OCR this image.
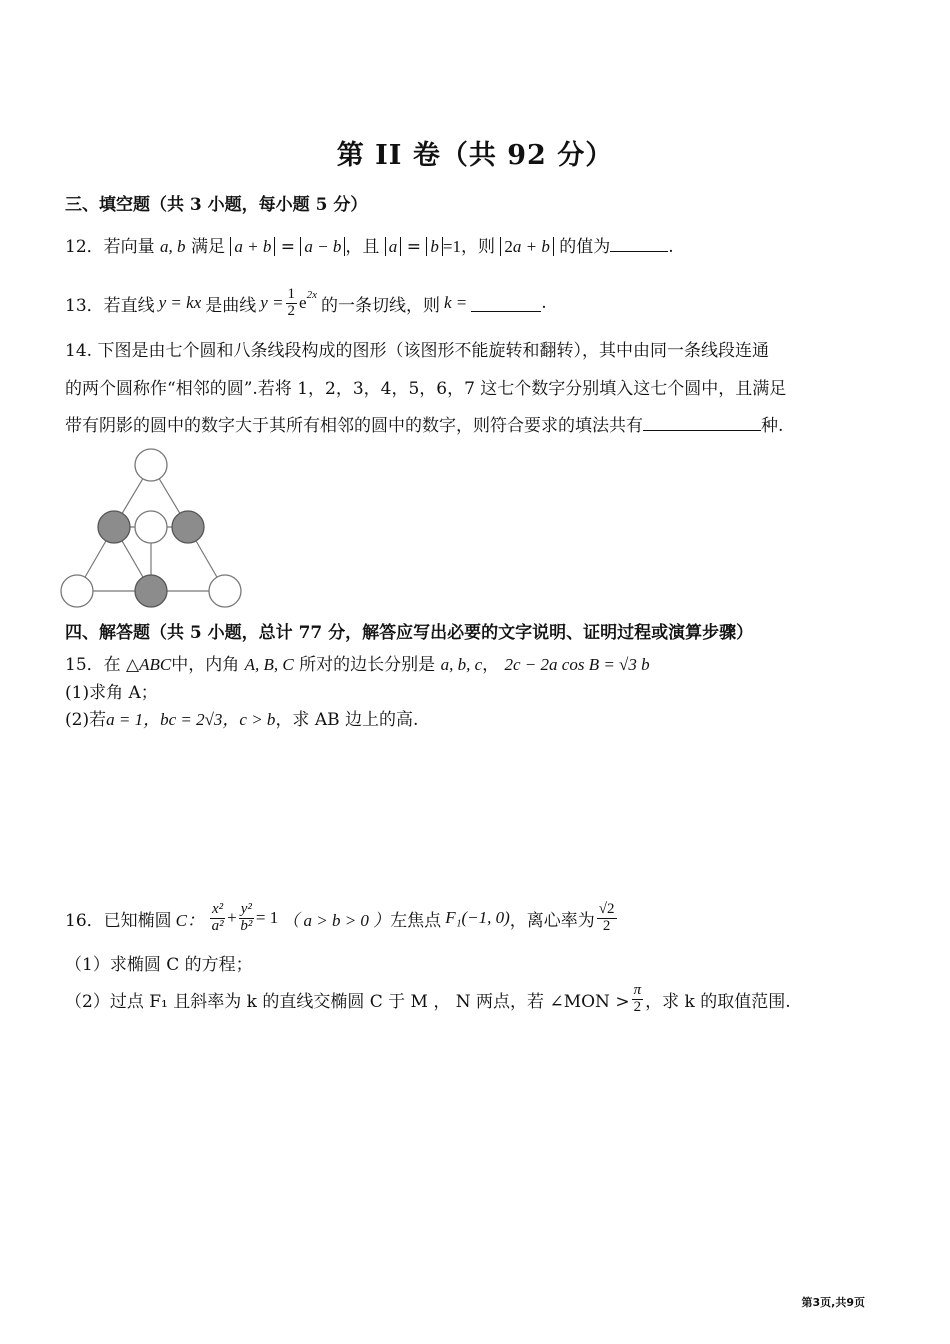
第 II 卷（共 92 分）
三、填空题（共 3 小题，每小题 5 分）
12．若向量 a, b 满足 a + b = a − b ，且 a = b =1，则 2a + b 的值为	.
13． 若直线 y = kx 是曲线 $y = \frac{1}{2} e^{2x}$
的一条切线，则 k =	.
14. 下图是由七个圆和八条线段构成的图形（该图形不能旋转和翻转），其中由同一条线段连通
的两个圆称作“相邻的圆”.若将 1，2，3，4，5，6，7 这七个数字分别填入这七个圆中，且满足
带有阴影的圆中的数字大于其所有相邻的圆中的数字，则符合要求的填法共有	种.
四、解答题（共 5 小题，总计 77 分，解答应写出必要的文字说明、证明过程或演算步骤）
15．在 △ABC中，内角 A, B, C 所对的边长分别是 a, b, c， 2c − 2a cos B = √3 b
(1)求角 A；
(2)若a = 1，bc = 2√3，c > b，求 AB 边上的高.
16． 已知椭圆 C： $\frac{\text{x²}}{\text{a²}} + \frac{\text{y²}}{\text{b²}} = 1$ （ a > b > 0 ） 左焦点 F₁(−1, 0) ，离心率为 $\frac{√2}{2}$
（1）求椭圆 C 的方程；
（2）过点 F₁ 且斜率为 k 的直线交椭圆 C 于 M ， N 两点，若 ∠MON > $\frac{\pi}{2}$ ，求 k 的取值范围.
第3页,共9页
